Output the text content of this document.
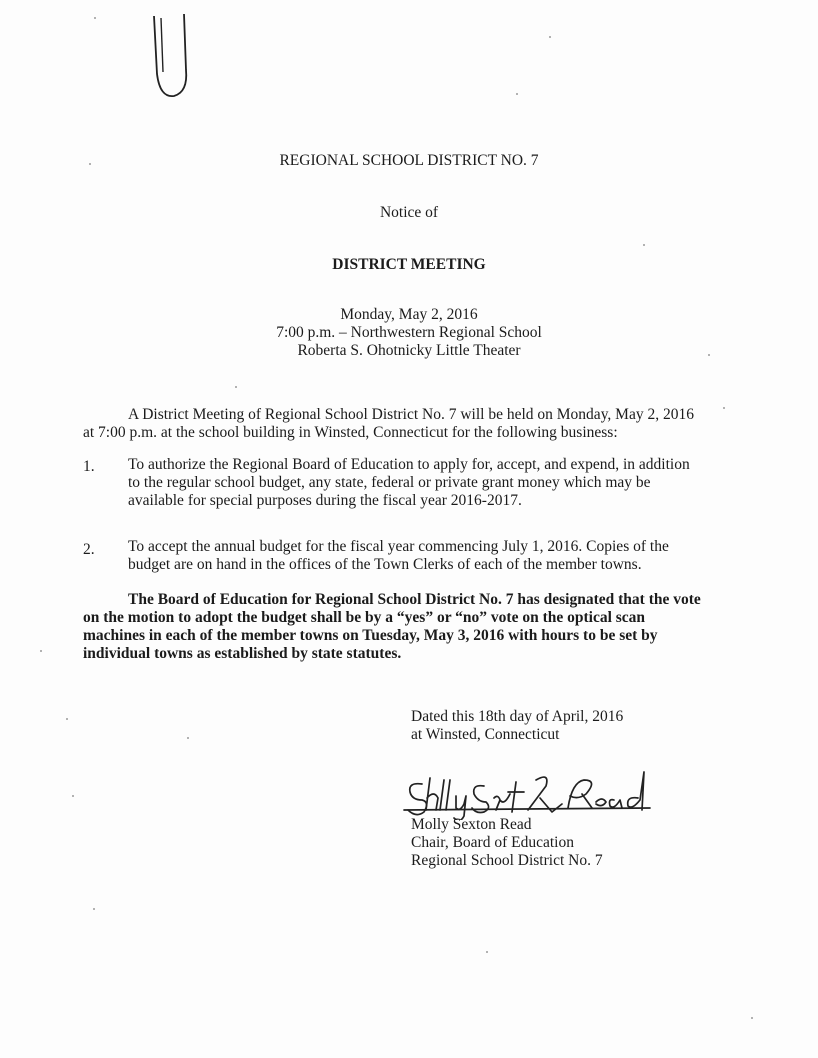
REGIONAL SCHOOL DISTRICT NO. 7
Notice of
DISTRICT MEETING
Monday, May 2, 2016
7:00 p.m. – Northwestern Regional School
Roberta S. Ohotnicky Little Theater
A District Meeting of Regional School District No. 7 will be held on Monday, May 2, 2016
at 7:00 p.m. at the school building in Winsted, Connecticut for the following business:
1. To authorize the Regional Board of Education to apply for, accept, and expend, in addition
to the regular school budget, any state, federal or private grant money which may be
available for special purposes during the fiscal year 2016-2017.
2. To accept the annual budget for the fiscal year commencing July 1, 2016. Copies of the
budget are on hand in the offices of the Town Clerks of each of the member towns.
The Board of Education for Regional School District No. 7 has designated that the vote
on the motion to adopt the budget shall be by a “yes” or “no” vote on the optical scan
machines in each of the member towns on Tuesday, May 3, 2016 with hours to be set by
individual towns as established by state statutes.
Dated this 18th day of April, 2016
at Winsted, Connecticut
Molly Sexton Read
Chair, Board of Education
Regional School District No. 7
